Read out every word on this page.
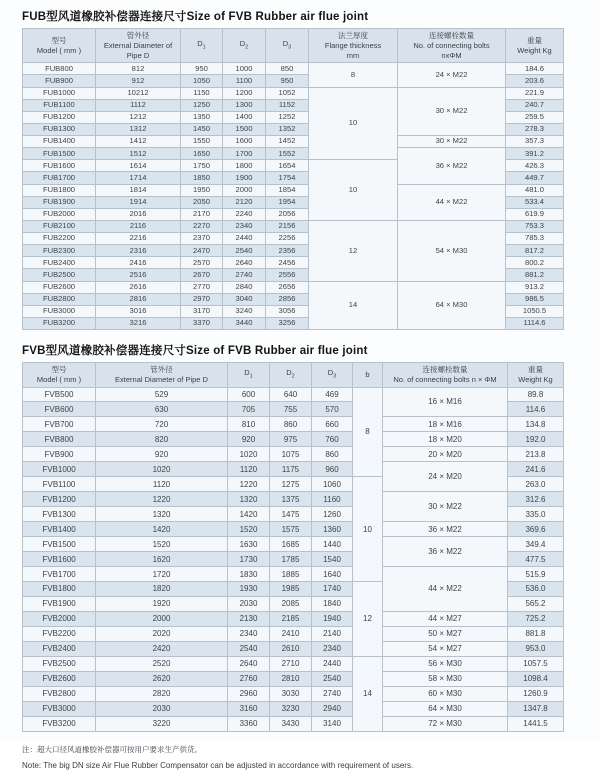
FUB型风道橡胶补偿器连接尺寸Size of FVB Rubber air flue joint
型号
Model ( mm )

管外径
External Diameter of
Pipe D
	$D_1$	$D_2$	$D_3$	
法兰厚度
Flange thickness
mm

连接螺栓数量
No. of connecting bolts
nxΦM

重量
Weight Kg

FUB800	812	950	1000	850	8	24 × M22	184.6
FUB900	912	1050	1100	950			203.6
FUB1000	10212	1150	1200	1052	10	30 × M22	221.9
FUB1100	1112	1250	1300	1152			240.7
FUB1200	1212	1350	1400	1252			259.5
FUB1300	1312	1450	1500	1352			278.3
FUB1400	1412	1550	1600	1452		30 × M22	357.3
FUB1500	1512	1650	1700	1552		36 × M22	391.2
FUB1600	1614	1750	1800	1654	10		426.3
FUB1700	1714	1850	1900	1754			449.7
FUB1800	1814	1950	2000	1854		44 × M22	481.0
FUB1900	1914	2050	2120	1954			533.4
FUB2000	2016	2170	2240	2056			619.9
FUB2100	2116	2270	2340	2156	12	54 × M30	753.3
FUB2200	2216	2370	2440	2256			785.3
FUB2300	2316	2470	2540	2356			817.2
FUB2400	2416	2570	2640	2456			800.2
FUB2500	2516	2670	2740	2556			881.2
FUB2600	2616	2770	2840	2656	14	64 × M30	913.2
FUB2800	2816	2970	3040	2856			986.5
FUB3000	3016	3170	3240	3056			1050.5
FUB3200	3216	3370	3440	3256			1114.6
FVB型风道橡胶补偿器连接尺寸Size of FVB Rubber air flue joint
型号
Model ( mm )

管外径
External Diameter of Pipe D
	$D_1$	$D_2$	$D_3$	b

连接螺栓数量
No. of connecting bolts n × ΦM

重量
Weight Kg

FVB500	529	600	640	469	8	16 × M16	89.8
FVB600	630	705	755	570			114.6
FVB700	720	810	860	660		18 × M16	134.8
FVB800	820	920	975	760		18 × M20	192.0
FVB900	920	1020	1075	860		20 × M20	213.8
FVB1000	1020	1120	1175	960		24 × M20	241.6
FVB1100	1120	1220	1275	1060	10		263.0
FVB1200	1220	1320	1375	1160		30 × M22	312.6
FVB1300	1320	1420	1475	1260			335.0
FVB1400	1420	1520	1575	1360		36 × M22	369.6
FVB1500	1520	1630	1685	1440		36 × M22	349.4
FVB1600	1620	1730	1785	1540			477.5
FVB1700	1720	1830	1885	1640		44 × M22	515.9
FVB1800	1820	1930	1985	1740	12		536.0
FVB1900	1920	2030	2085	1840			565.2
FVB2000	2000	2130	2185	1940		44 × M27	725.2
FVB2200	2020	2340	2410	2140		50 × M27	881.8
FVB2400	2420	2540	2610	2340		54 × M27	953.0
FVB2500	2520	2640	2710	2440	14	56 × M30	1057.5
FVB2600	2620	2760	2810	2540		58 × M30	1098.4
FVB2800	2820	2960	3030	2740		60 × M30	1260.9
FVB3000	2030	3160	3230	2940		64 × M30	1347.8
FVB3200	3220	3360	3430	3140		72 × M30	1441.5

注：超大口径风道橡胶补偿器可按用户要求生产供货。

Note: The big DN size Air Flue Rubber Compensator can be adjusted in accordance with requirement of users.
